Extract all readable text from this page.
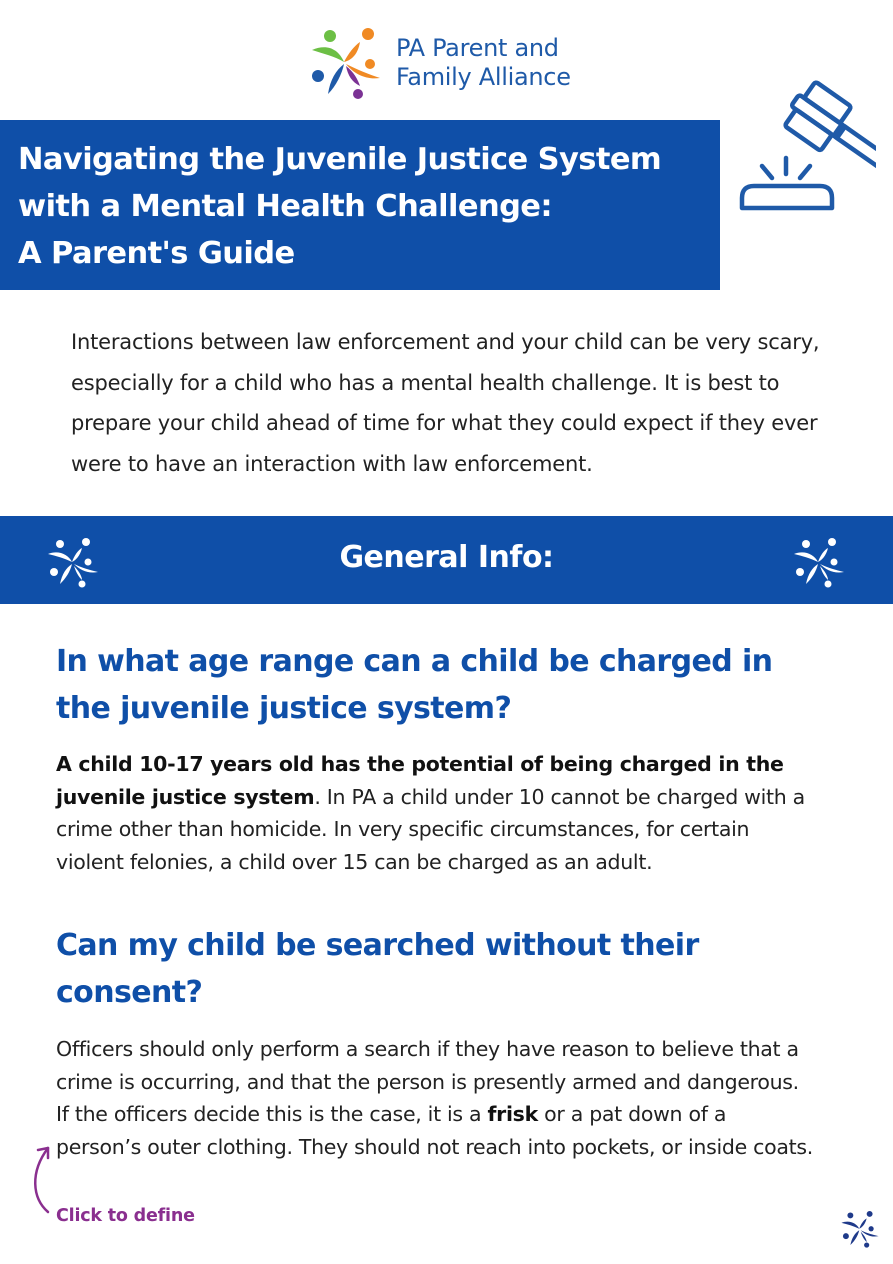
PA Parent and
Family Alliance
Navigating the Juvenile Justice System
with a Mental Health Challenge:
A Parent's Guide

Interactions between law enforcement and your child can be very scary, especially for a child who has a mental health challenge. It is best to prepare your child ahead of time for what they could expect if they ever were to have an interaction with law enforcement.

General Info:
In what age range can a child be charged in
the juvenile justice system?

A child 10-17 years old has the potential of being charged in the juvenile justice system. In PA a child under 10 cannot be charged with a crime other than homicide. In very specific circumstances, for certain violent felonies, a child over 15 can be charged as an adult.

Can my child be searched without their
consent?

Officers should only perform a search if they have reason to believe that a crime is occurring, and that the person is presently armed and dangerous. If the officers decide this is the case, it is a frisk or a pat down of a person’s outer clothing. They should not reach into pockets, or inside coats.

Click to define
